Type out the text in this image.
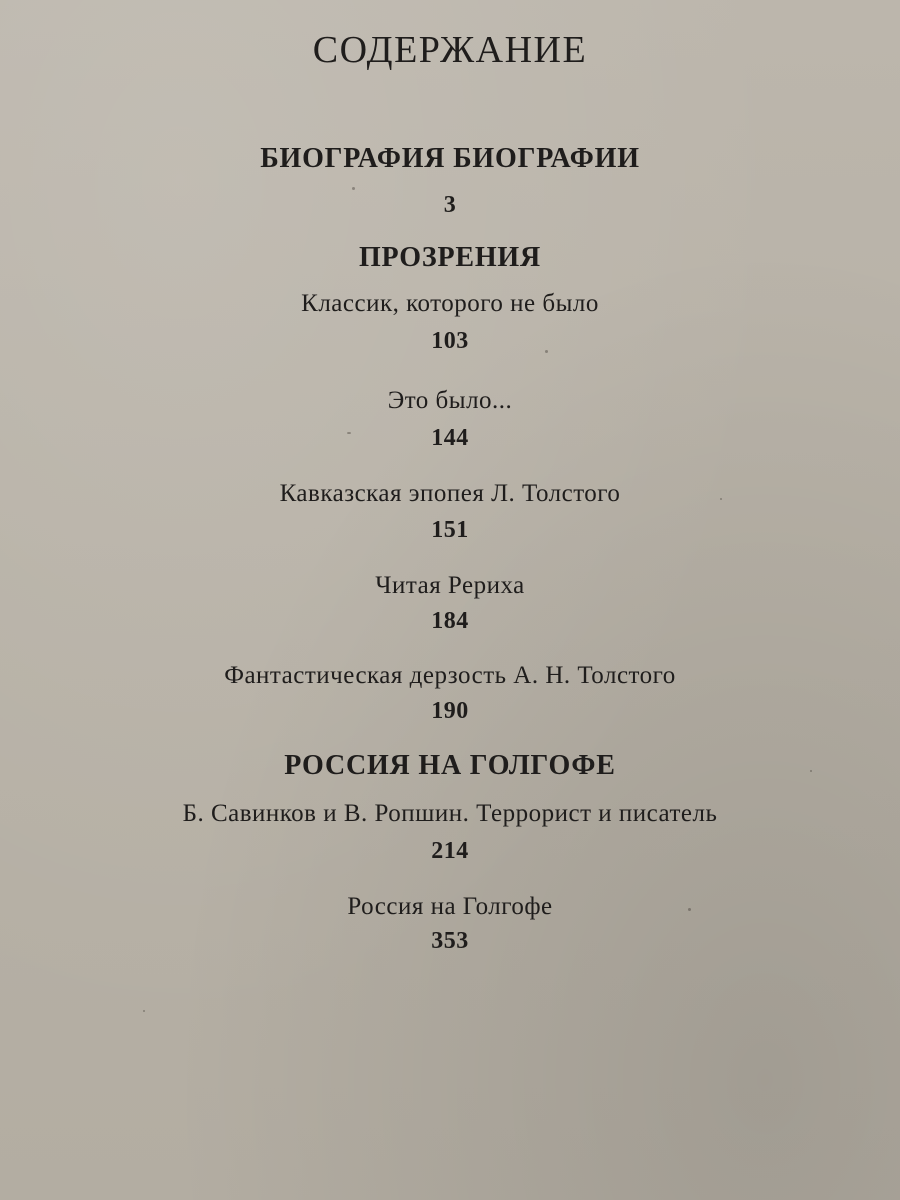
СОДЕРЖАНИЕ
БИОГРАФИЯ БИОГРАФИИ
3
ПРОЗРЕНИЯ
Классик, которого не было
103
Это было...
144
Кавказская эпопея Л. Толстого
151
Читая Рериха
184
Фантастическая дерзость А. Н. Толстого
190
РОССИЯ НА ГОЛГОФЕ
Б. Савинков и В. Ропшин. Террорист и писатель
214
Россия на Голгофе
353
